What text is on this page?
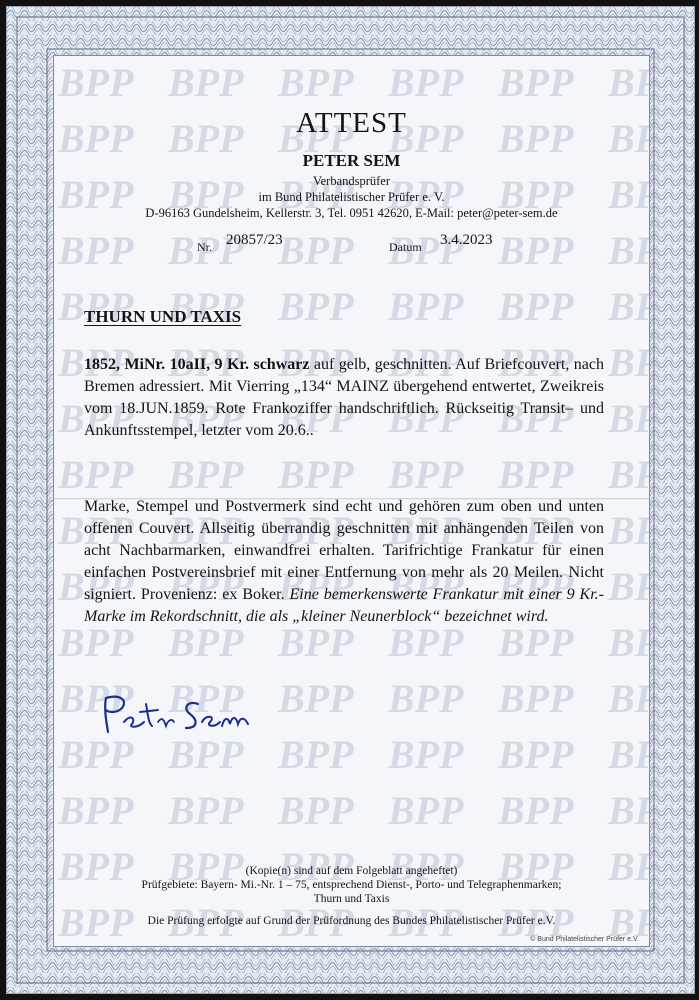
ATTEST
PETER SEM
Verbandsprüfer
im Bund Philatelistischer Prüfer e. V.
D-96163 Gundelsheim, Kellerstr. 3, Tel. 0951 42620, E-Mail: peter@peter-sem.de
Nr. 20857/23	Datum 3.4.2023
THURN UND TAXIS
1852, MiNr. 10aII, 9 Kr. schwarz auf gelb, geschnitten. Auf Briefcouvert, nach Bremen adressiert. Mit Vierring „134“ MAINZ übergehend entwertet, Zweikreis vom 18.JUN.1859. Rote Frankoziffer handschriftlich. Rückseitig Transit– und Ankunftsstempel, letzter vom 20.6..
Marke, Stempel und Postvermerk sind echt und gehören zum oben und unten offenen Couvert. Allseitig überrandig geschnitten mit anhängenden Teilen von acht Nachbarmarken, einwandfrei erhalten. Tarifrichtige Frankatur für einen einfachen Postvereinsbrief mit einer Entfernung von mehr als 20 Meilen. Nicht signiert. Provenienz: ex Boker. Eine bemerkenswerte Frankatur mit einer 9 Kr.-Marke im Rekordschnitt, die als „kleiner Neunerblock“ bezeichnet wird.
(Kopie(n) sind auf dem Folgeblatt angeheftet)
Prüfgebiete: Bayern- Mi.-Nr. 1 – 75, entsprechend Dienst-, Porto- und Telegraphenmarken;
Thurn und Taxis
Die Prüfung erfolgte auf Grund der Prüfordnung des Bundes Philatelistischer Prüfer e.V.
© Bund Philatelistischer Prüfer e.V.
